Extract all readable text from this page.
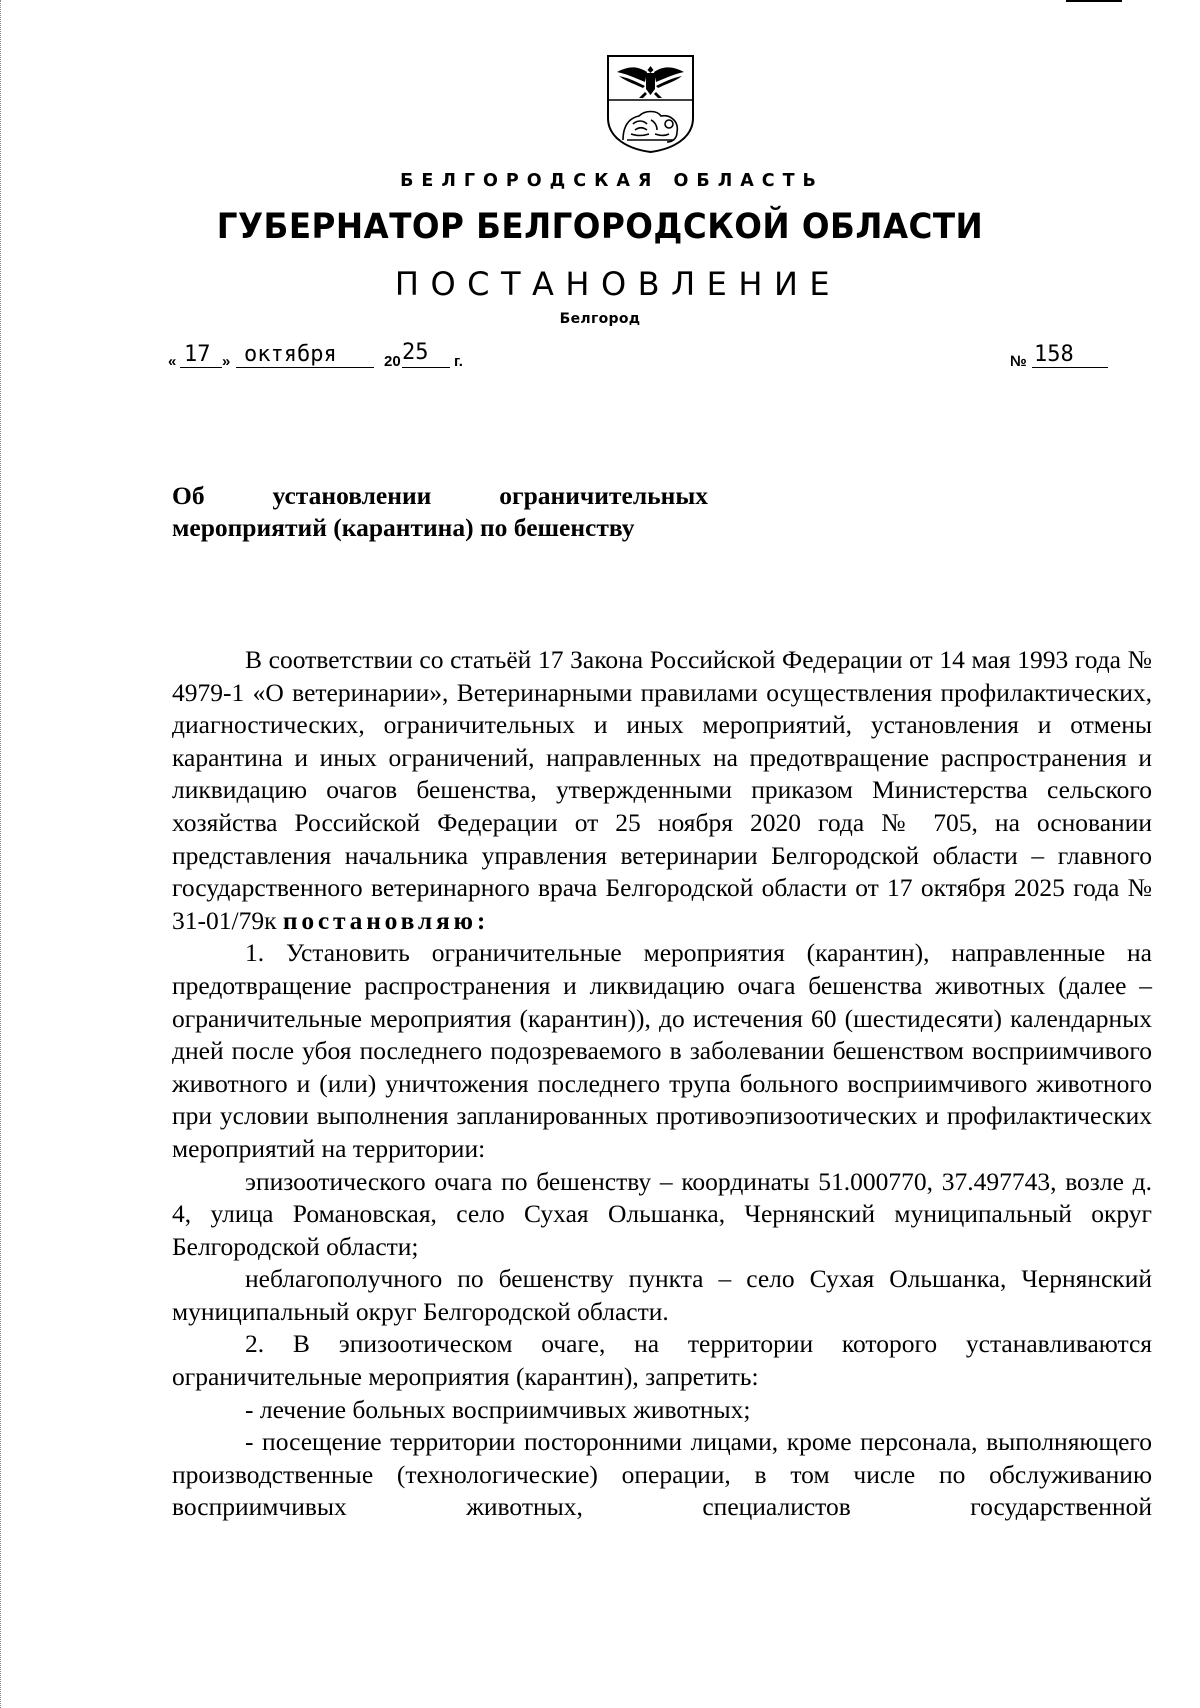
БЕЛГОРОДСКАЯ ОБЛАСТЬ
ГУБЕРНАТОР БЕЛГОРОДСКОЙ ОБЛАСТИ
ПОСТАНОВЛЕНИЕ
Белгород
« 17 » октября	20 25 г.	№ 158
Об	установлении	ограничительных
мероприятий (карантина) по бешенству

В соответствии со статьёй 17 Закона Российской Федерации от 14 мая 1993 года № 4979-1 «О ветеринарии», Ветеринарными правилами осуществления профилактических, диагностических, ограничительных и иных мероприятий, установления и отмены карантина и иных ограничений, направленных на предотвращение распространения и ликвидацию очагов бешенства, утвержденными приказом Министерства сельского хозяйства Российской Федерации от 25 ноября 2020 года № 705, на основании представления начальника управления ветеринарии Белгородской области – главного государственного ветеринарного врача Белгородской области от 17 октября 2025 года № 31-01/79к постановляю:

1. Установить ограничительные мероприятия (карантин), направленные на предотвращение распространения и ликвидацию очага бешенства животных (далее – ограничительные мероприятия (карантин)), до истечения 60 (шестидесяти) календарных дней после убоя последнего подозреваемого в заболевании бешенством восприимчивого животного и (или) уничтожения последнего трупа больного восприимчивого животного при условии выполнения запланированных противоэпизоотических и профилактических мероприятий на территории:

эпизоотического очага по бешенству – координаты 51.000770, 37.497743, возле д. 4, улица Романовская, село Сухая Ольшанка, Чернянский муниципальный округ Белгородской области;

неблагополучного по бешенству пункта – село Сухая Ольшанка, Чернянский муниципальный округ Белгородской области.

2. В эпизоотическом очаге, на территории которого устанавливаются ограничительные мероприятия (карантин), запретить:

- лечение больных восприимчивых животных;

- посещение территории посторонними лицами, кроме персонала, выполняющего производственные (технологические) операции, в том числе по обслуживанию восприимчивых животных, специалистов государственной
